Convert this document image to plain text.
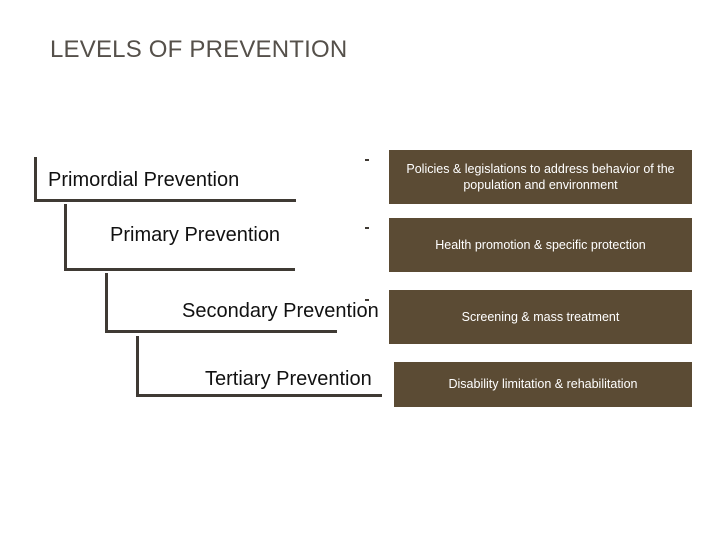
LEVELS OF PREVENTION
Primordial Prevention
Primary Prevention
Secondary Prevention
Tertiary Prevention
Policies & legislations to address behavior of the population and environment
Health promotion & specific protection
Screening & mass treatment
Disability limitation & rehabilitation
